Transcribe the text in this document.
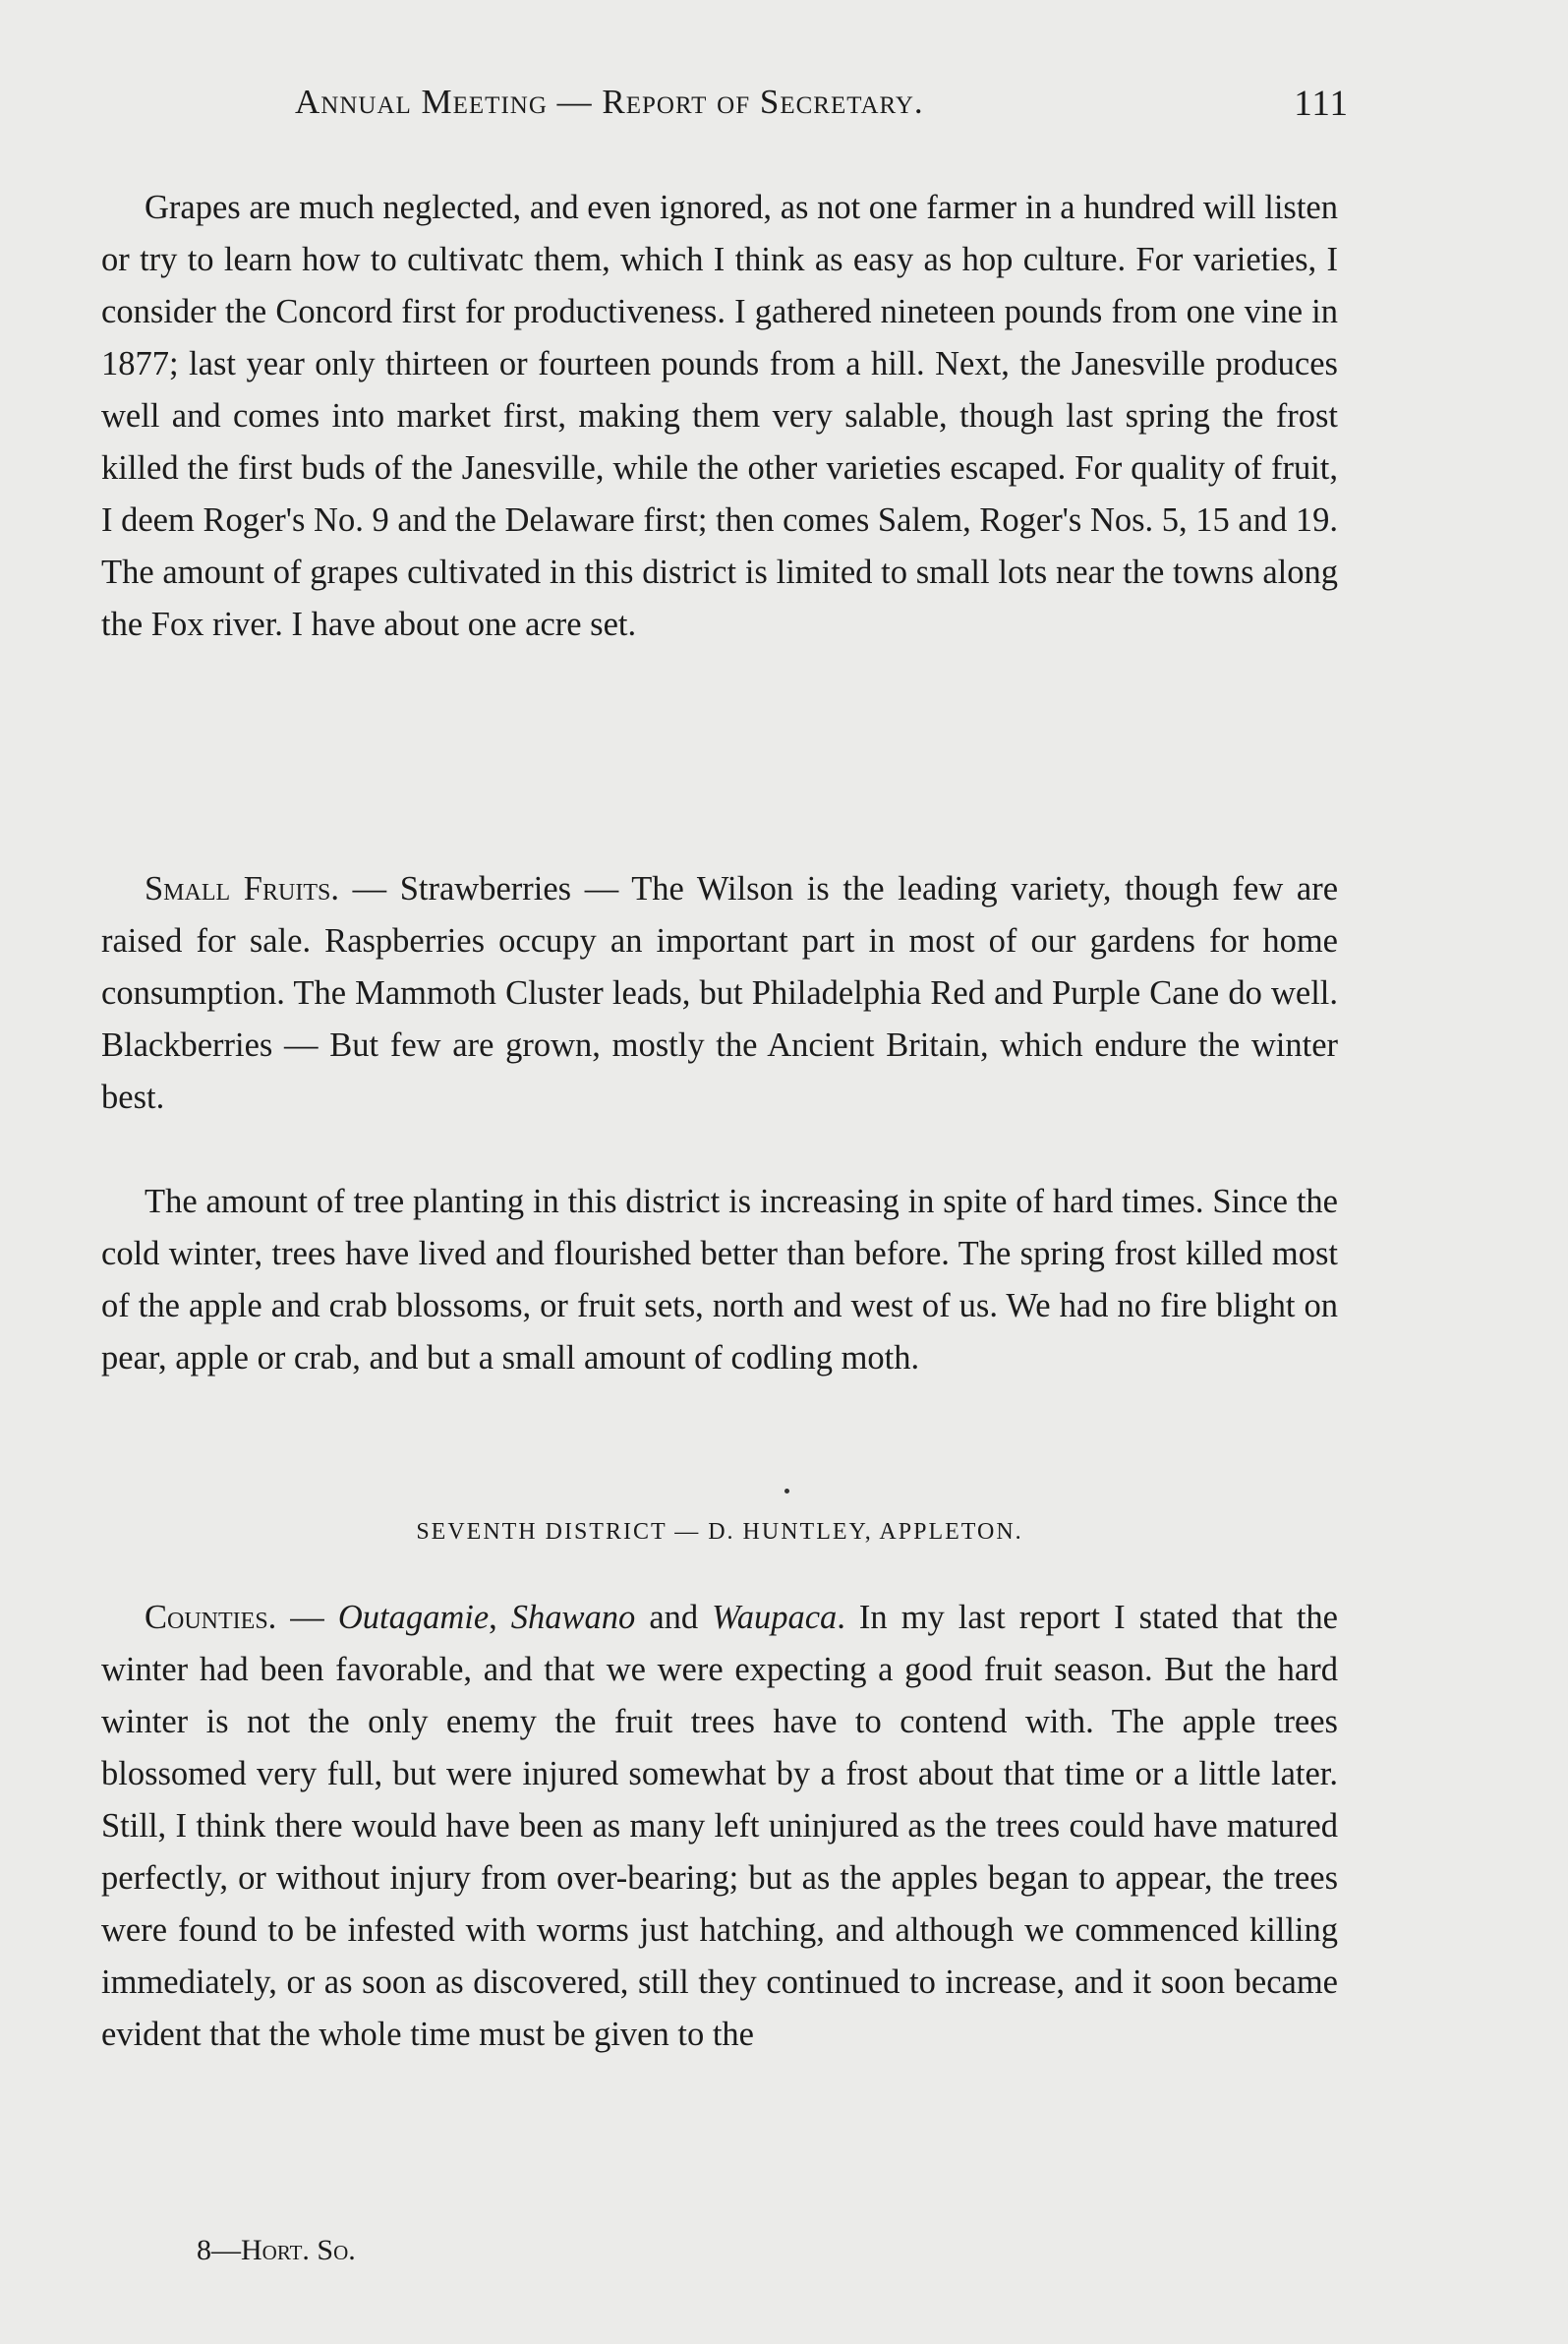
Annual Meeting — Report of Secretary.	111

Grapes are much neglected, and even ignored, as not one farmer in a hundred will listen or try to learn how to cultivatc them, which I think as easy as hop culture. For varieties, I consider the Concord first for productiveness. I gathered nineteen pounds from one vine in 1877; last year only thirteen or fourteen pounds from a hill. Next, the Janesville produces well and comes into market first, making them very salable, though last spring the frost killed the first buds of the Janesville, while the other varieties escaped. For quality of fruit, I deem Roger's No. 9 and the Delaware first; then comes Salem, Roger's Nos. 5, 15 and 19. The amount of grapes cultivated in this district is limited to small lots near the towns along the Fox river. I have about one acre set.

Small Fruits. — Strawberries — The Wilson is the leading variety, though few are raised for sale. Raspberries occupy an important part in most of our gardens for home consumption. The Mammoth Cluster leads, but Philadelphia Red and Purple Cane do well. Blackberries — But few are grown, mostly the Ancient Britain, which endure the winter best.

The amount of tree planting in this district is increasing in spite of hard times. Since the cold winter, trees have lived and flourished better than before. The spring frost killed most of the apple and crab blossoms, or fruit sets, north and west of us. We had no fire blight on pear, apple or crab, and but a small amount of codling moth.

SEVENTH DISTRICT — D. HUNTLEY, APPLETON.

Counties. — Outagamie, Shawano and Waupaca. In my last report I stated that the winter had been favorable, and that we were expecting a good fruit season. But the hard winter is not the only enemy the fruit trees have to contend with. The apple trees blossomed very full, but were injured somewhat by a frost about that time or a little later. Still, I think there would have been as many left uninjured as the trees could have matured perfectly, or without injury from over-bearing; but as the apples began to appear, the trees were found to be infested with worms just hatching, and although we commenced killing immediately, or as soon as discovered, still they continued to increase, and it soon became evident that the whole time must be given to the

8—Hort. So.
